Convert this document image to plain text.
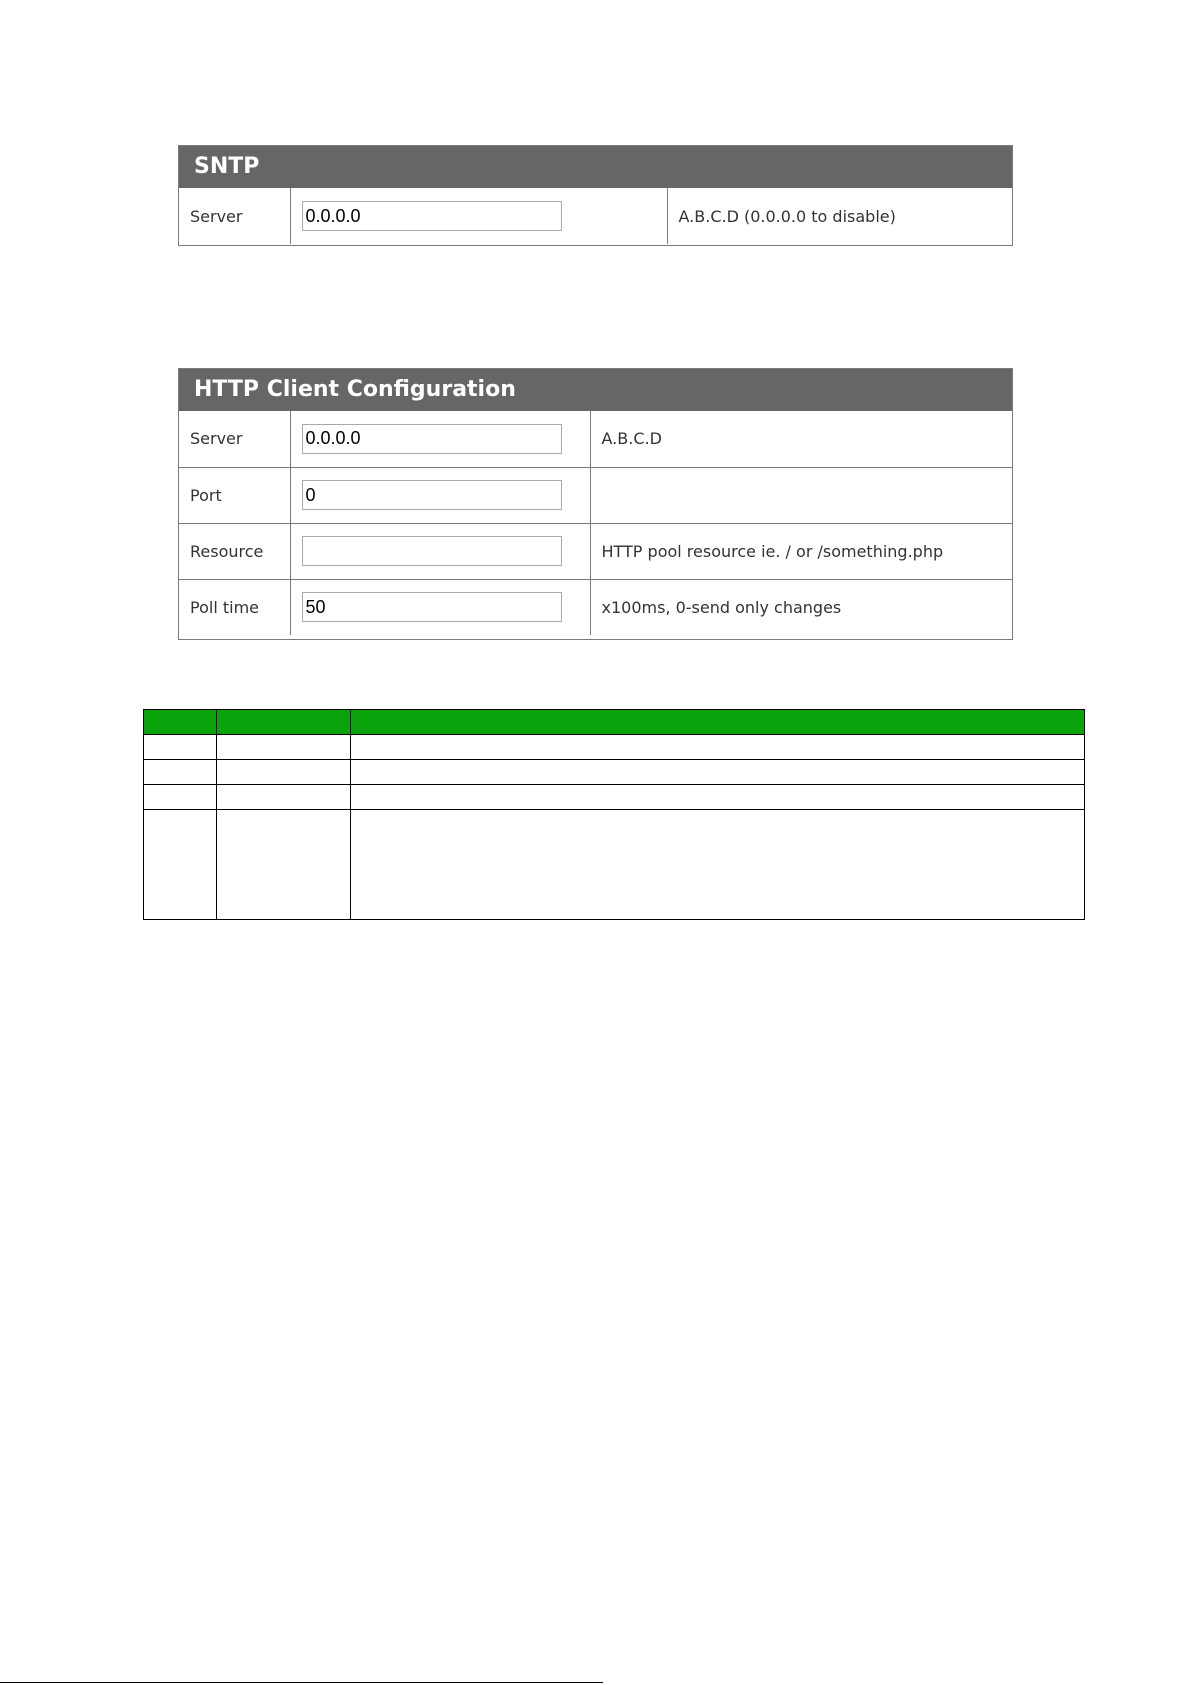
SNTP
Server	0.0.0.0	A.B.C.D (0.0.0.0 to disable)
HTTP Client Configuration
Server	0.0.0.0	A.B.C.D
Port	0	
Resource		HTTP pool resource ie. / or /something.php
Poll time	50	x100ms, 0-send only changes
